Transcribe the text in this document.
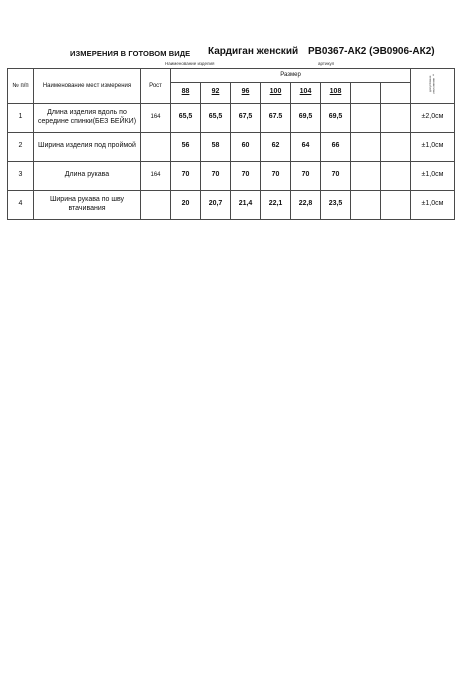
ИЗМЕРЕНИЯ В ГОТОВОМ ВИДЕ Кардиган женский РВ0367-АК2 (ЭВ0906-АК2)
Наименование изделия	артикул
№ п/п	Наименование мест измерения	Рост	Размер								допустимое отклонение ±
			88	92	96	100	104	108			
1	Длина изделия вдоль по середине спинки(БЕЗ БЕЙКИ)	164	65,5	65,5	67,5	67.5	69,5	69,5			±2,0см
2	Ширина изделия под проймой		56	58	60	62	64	66			±1,0см
3	Длина рукава	164	70	70	70	70	70	70			±1,0см
4	Ширина рукава по шву втачивания		20	20,7	21,4	22,1	22,8	23,5			±1,0см
